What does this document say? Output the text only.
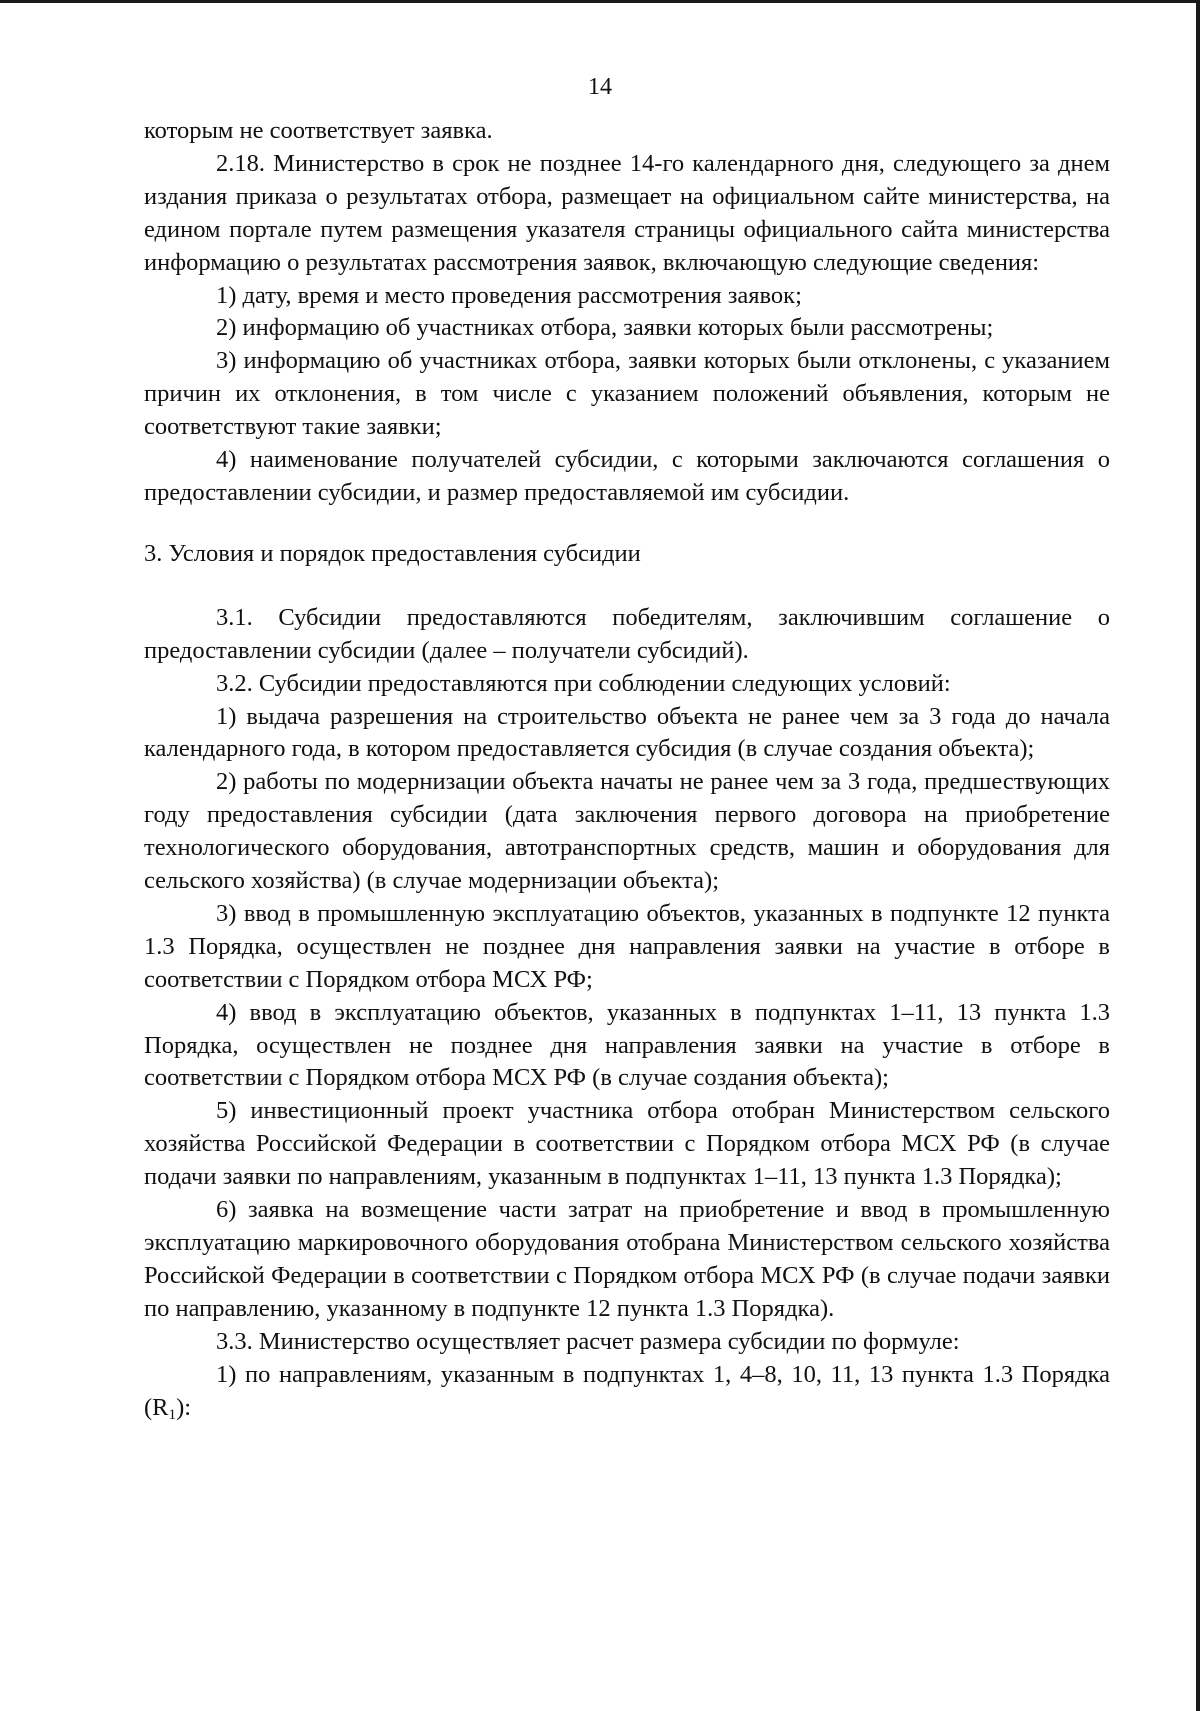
14

которым не соответствует заявка.

2.18. Министерство в срок не позднее 14-го календарного дня, следующего за днем издания приказа о результатах отбора, размещает на официальном сайте министерства, на едином портале путем размещения указателя страницы официального сайта министерства информацию о результатах рассмотрения заявок, включающую следующие сведения:

1) дату, время и место проведения рассмотрения заявок;

2) информацию об участниках отбора, заявки которых были рассмотрены;

3) информацию об участниках отбора, заявки которых были отклонены, с указанием причин их отклонения, в том числе с указанием положений объявления, которым не соответствуют такие заявки;

4) наименование получателей субсидии, с которыми заключаются соглашения о предоставлении субсидии, и размер предоставляемой им субсидии.

3. Условия и порядок предоставления субсидии

3.1. Субсидии предоставляются победителям, заключившим соглашение о предоставлении субсидии (далее – получатели субсидий).

3.2. Субсидии предоставляются при соблюдении следующих условий:

1) выдача разрешения на строительство объекта не ранее чем за 3 года до начала календарного года, в котором предоставляется субсидия (в случае создания объекта);

2) работы по модернизации объекта начаты не ранее чем за 3 года, предшествующих году предоставления субсидии (дата заключения первого договора на приобретение технологического оборудования, автотранспортных средств, машин и оборудования для сельского хозяйства) (в случае модернизации объекта);

3) ввод в промышленную эксплуатацию объектов, указанных в подпункте 12 пункта 1.3 Порядка, осуществлен не позднее дня направления заявки на участие в отборе в соответствии с Порядком отбора МСХ РФ;

4) ввод в эксплуатацию объектов, указанных в подпунктах 1–11, 13 пункта 1.3 Порядка, осуществлен не позднее дня направления заявки на участие в отборе в соответствии с Порядком отбора МСХ РФ (в случае создания объекта);

5) инвестиционный проект участника отбора отобран Министерством сельского хозяйства Российской Федерации в соответствии с Порядком отбора МСХ РФ (в случае подачи заявки по направлениям, указанным в подпунктах 1–11, 13 пункта 1.3 Порядка);

6) заявка на возмещение части затрат на приобретение и ввод в промышленную эксплуатацию маркировочного оборудования отобрана Министерством сельского хозяйства Российской Федерации в соответствии с Порядком отбора МСХ РФ (в случае подачи заявки по направлению, указанному в подпункте 12 пункта 1.3 Порядка).

3.3. Министерство осуществляет расчет размера субсидии по формуле:

1) по направлениям, указанным в подпунктах 1, 4–8, 10, 11, 13 пункта 1.3 Порядка $(R_1)$:
